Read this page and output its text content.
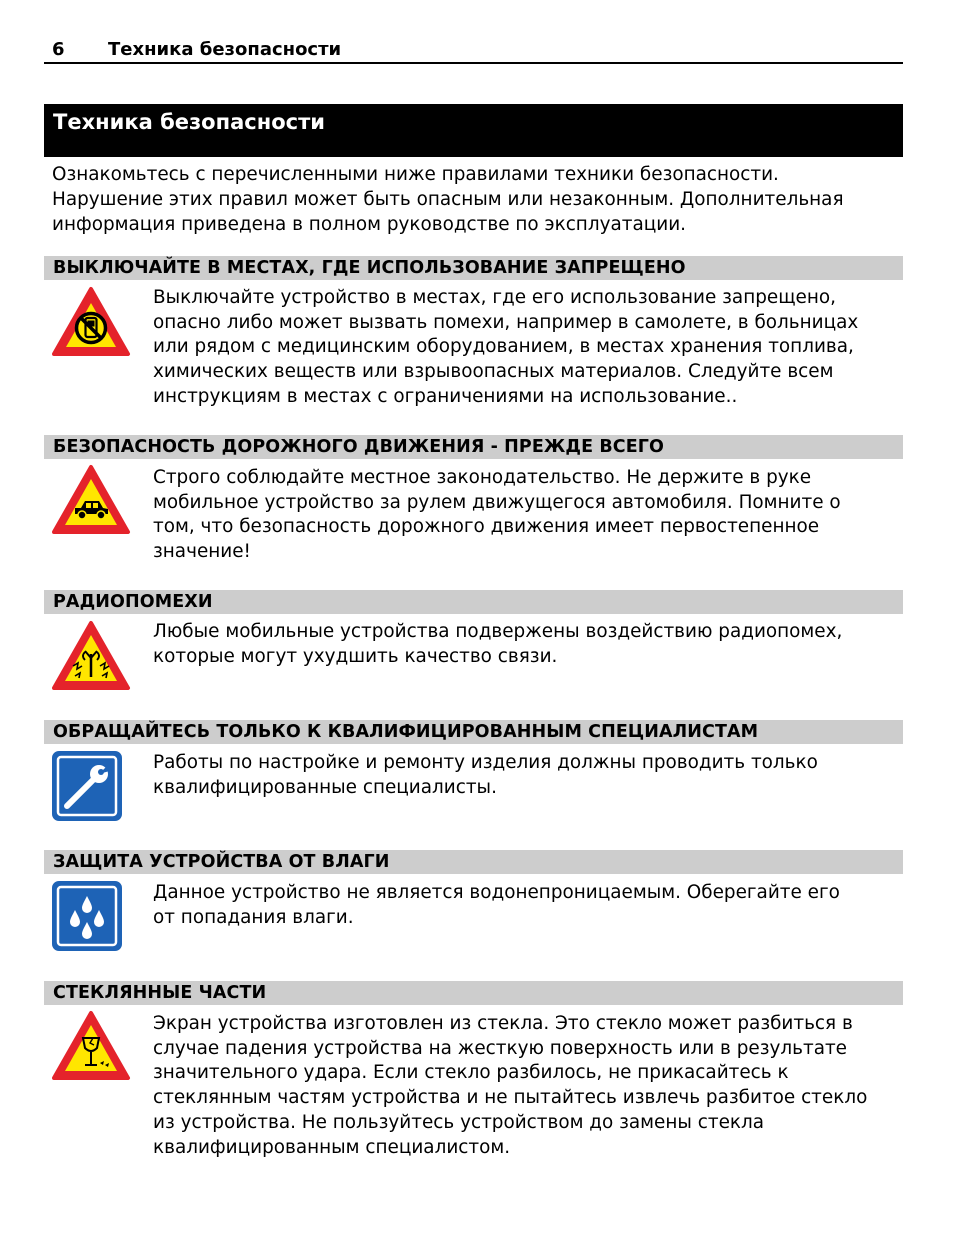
6 Техника безопасности
Техника безопасности
Ознакомьтесь с перечисленными ниже правилами техники безопасности.
Нарушение этих правил может быть опасным или незаконным. Дополнительная
информация приведена в полном руководстве по эксплуатации.
ВЫКЛЮЧАЙТЕ В МЕСТАХ, ГДЕ ИСПОЛЬЗОВАНИЕ ЗАПРЕЩЕНО
Выключайте устройство в местах, где его использование запрещено,
опасно либо может вызвать помехи, например в самолете, в больницах
или рядом с медицинским оборудованием, в местах хранения топлива,
химических веществ или взрывоопасных материалов. Следуйте всем
инструкциям в местах с ограничениями на использование..
БЕЗОПАСНОСТЬ ДОРОЖНОГО ДВИЖЕНИЯ - ПРЕЖДЕ ВСЕГО
Строго соблюдайте местное законодательство. Не держите в руке
мобильное устройство за рулем движущегося автомобиля. Помните о
том, что безопасность дорожного движения имеет первостепенное
значение!
РАДИОПОМЕХИ
Любые мобильные устройства подвержены воздействию радиопомех,
которые могут ухудшить качество связи.
ОБРАЩАЙТЕСЬ ТОЛЬКО К КВАЛИФИЦИРОВАННЫМ СПЕЦИАЛИСТАМ
Работы по настройке и ремонту изделия должны проводить только
квалифицированные специалисты.
ЗАЩИТА УСТРОЙСТВА ОТ ВЛАГИ
Данное устройство не является водонепроницаемым. Оберегайте его
от попадания влаги.
СТЕКЛЯННЫЕ ЧАСТИ
Экран устройства изготовлен из стекла. Это стекло может разбиться в
случае падения устройства на жесткую поверхность или в результате
значительного удара. Если стекло разбилось, не прикасайтесь к
стеклянным частям устройства и не пытайтесь извлечь разбитое стекло
из устройства. Не пользуйтесь устройством до замены стекла
квалифицированным специалистом.
